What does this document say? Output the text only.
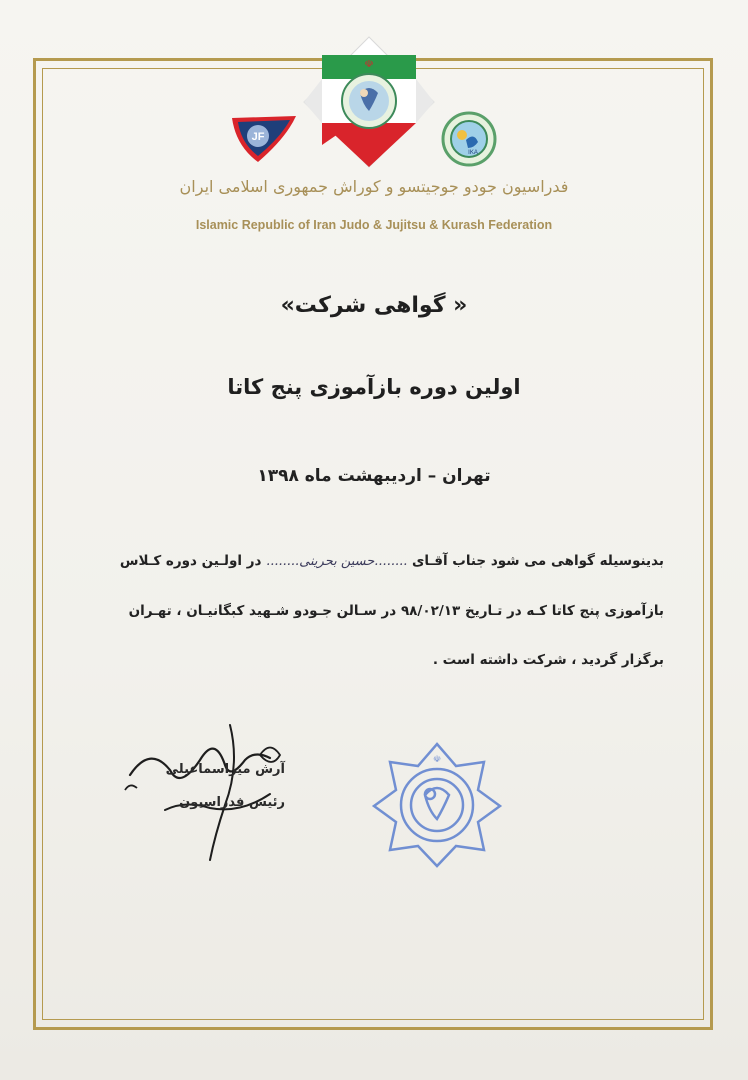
☫
JF
IKA
فدراسیون جودو جوجیتسو و کوراش جمهوری اسلامی ایران
Islamic Republic of Iran Judo & Jujitsu & Kurash Federation
« گواهی شرکت»
اولین دوره بازآموزی پنج کاتا
تهران – اردیبهشت ماه ۱۳۹۸
بدینوسیله گواهی می شود جناب آقـای ........حسین بحرینی........ در اولـین دوره کـلاس
بازآموزی پنج کاتا کـه در تـاریخ ۹۸/۰۲/۱۳ در سـالن جـودو شـهید کبگانیـان ، تهـران
برگزار گردید ، شرکت داشته است .
آرش میراسماعیلی
رئیس فدراسیون
☫
